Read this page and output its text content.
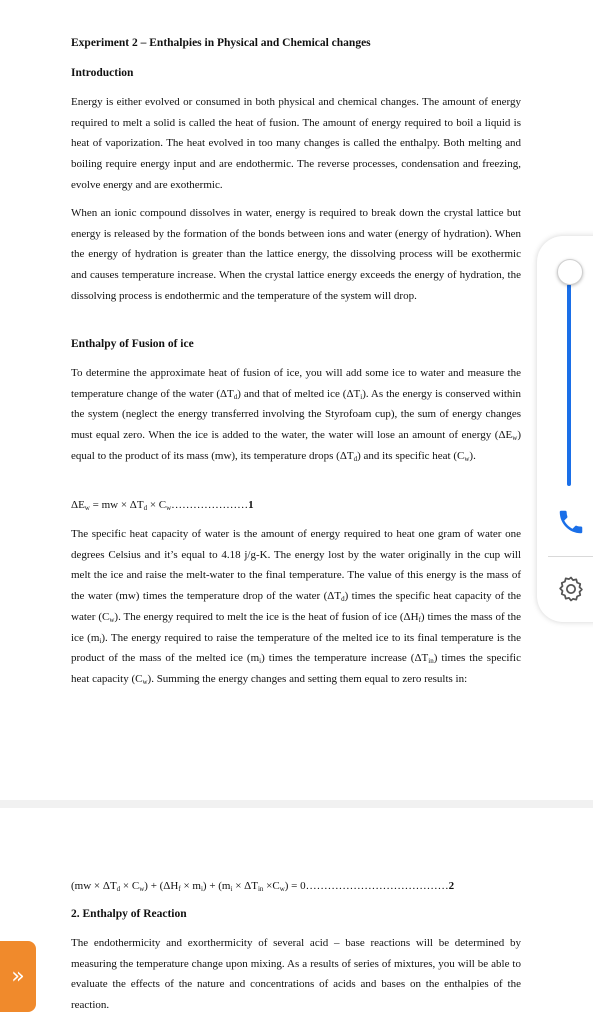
Experiment 2 – Enthalpies in Physical and Chemical changes
Introduction

Energy is either evolved or consumed in both physical and chemical changes. The amount of energy required to melt a solid is called the heat of fusion. The amount of energy required to boil a liquid is heat of vaporization. The heat evolved in too many changes is called the enthalpy. Both melting and boiling require energy input and are endothermic. The reverse processes, condensation and freezing, evolve energy and are exothermic.

When an ionic compound dissolves in water, energy is required to break down the crystal lattice but energy is released by the formation of the bonds between ions and water (energy of hydration). When the energy of hydration is greater than the lattice energy, the dissolving process will be exothermic and causes temperature increase. When the crystal lattice energy exceeds the energy of hydration, the dissolving process is endothermic and the temperature of the system will drop.

Enthalpy of Fusion of ice

To determine the approximate heat of fusion of ice, you will add some ice to water and measure the temperature change of the water $(\Delta T_d)$ and that of melted ice $(\Delta T_i)$. As the energy is conserved within the system (neglect the energy transferred involving the Styrofoam cup), the sum of energy changes must equal zero. When the ice is added to the water, the water will lose an amount of energy $(\Delta E_w)$ equal to the product of its mass (mw), its temperature drops $(\Delta T_d)$ and its specific heat $(C_w)$.

$\Delta E_w$ = mw × $\Delta T_d$ × $C_w\dots\dots\dots\dots\dots\dots\dots 1$

The specific heat capacity of water is the amount of energy required to heat one gram of water one degrees Celsius and it’s equal to 4.18 j/g-K. The energy lost by the water originally in the cup will melt the ice and raise the melt-water to the final temperature. The value of this energy is the mass of the water (mw) times the temperature drop of the water $(\Delta T_d)$ times the specific heat capacity of the water $(C_w)$. The energy required to melt the ice is the heat of fusion of ice $(\Delta H_f)$ times the mass of the ice $(m_i)$. The energy required to raise the temperature of the melted ice to its final temperature is the product of the mass of the melted ice $(m_i)$ times the temperature increase $(\Delta T_{in})$ times the specific heat capacity $(C_w)$. Summing the energy changes and setting them equal to zero results in:

$(mw \times \Delta T_d \times C_w) + (\Delta H_f \times m_i) + (m_i \times \Delta T_{in} \times C_w)$ = 0…………………………………2
2. Enthalpy of Reaction

The endothermicity and exorthermicity of several acid – base reactions will be determined by measuring the temperature change upon mixing. As a results of series of mixtures, you will be able to evaluate the effects of the nature and concentrations of acids and bases on the enthalpies of the reaction.

»
